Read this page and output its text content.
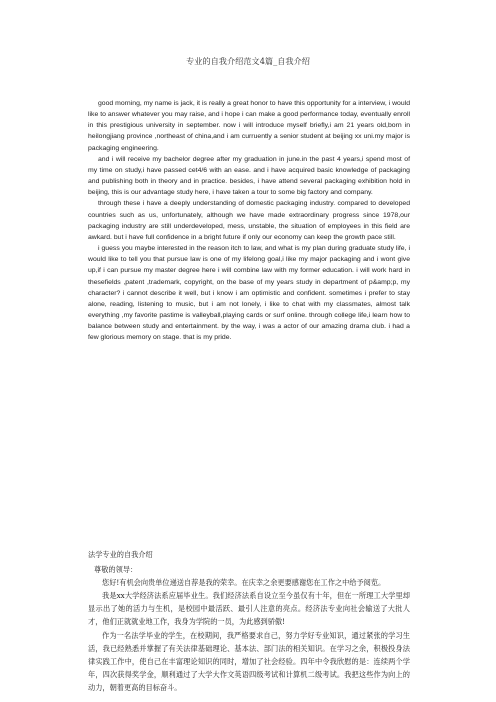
专业的自我介绍范文4篇_自我介绍

good morning, my name is jack, it is really a great honor to have this opportunity for a interview, i would like to answer whatever you may raise, and i hope i can make a good performance today, eventually enroll in this prestigious university in september. now i will introduce myself briefly,i am 21 years old,born in heilongjiang province ,northeast of china,and i am curruently a senior student at beijing xx uni.my major is packaging engineering.

and i will receive my bachelor degree after my graduation in june.in the past 4 years,i spend most of my time on study,i have passed cet4/6 with an ease. and i have acquired basic knowledge of packaging and publishing both in theory and in practice. besides, i have attend several packaging exhibition hold in beijing, this is our advantage study here, i have taken a tour to some big factory and company.

through these i have a deeply understanding of domestic packaging industry. compared to developed countries such as us, unfortunately, although we have made extraordinary progress since 1978,our packaging industry are still underdeveloped, mess, unstable, the situation of employees in this field are awkard. but i have full confidence in a bright future if only our economy can keep the growth pace still.

i guess you maybe interested in the reason itch to law, and what is my plan during graduate study life, i would like to tell you that pursue law is one of my lifelong goal,i like my major packaging and i wont give up,if i can pursue my master degree here i will combine law with my former education. i will work hard in thesefields ,patent ,trademark, copyright, on the base of my years study in department of p&amp;p, my character? i cannot describe it well, but i know i am optimistic and confident. sometimes i prefer to stay alone, reading, listening to music, but i am not lonely, i like to chat with my classmates, almost talk everything ,my favorite pastime is valleyball,playing cards or surf online. through college life,i learn how to balance between study and entertainment. by the way, i was a actor of our amazing drama club. i had a few glorious memory on stage. that is my pride.

法学专业的自我介绍

尊敬的领导：

您好!有机会向贵单位递送自荐是我的荣幸。在庆幸之余更要感谢您在工作之中给予阅览。

我是xx大学经济法系应届毕业生。我们经济法系自设立至今虽仅有十年，但在一所理工大学里却显示出了她的活力与生机，是校园中最活跃、最引人注意的亮点。经济法专业向社会输送了大批人才，他们正就就业地工作，我身为学院的一员，为此感到骄傲!

作为一名法学毕业的学生，在校期间，我严格要求自己，努力学好专业知识，通过紧张的学习生活，我已经熟悉并掌握了有关法律基础理论、基本法、部门法的相关知识。在学习之余，积极投身法律实践工作中，使自己在丰富理论知识的同时，增加了社会经验。四年中令我欣慰的是：连续两个学年，四次获得奖学金，顺利通过了大学大作文英语四级考试和计算机二级考试。我把这些作为向上的动力，朝着更高的目标奋斗。
